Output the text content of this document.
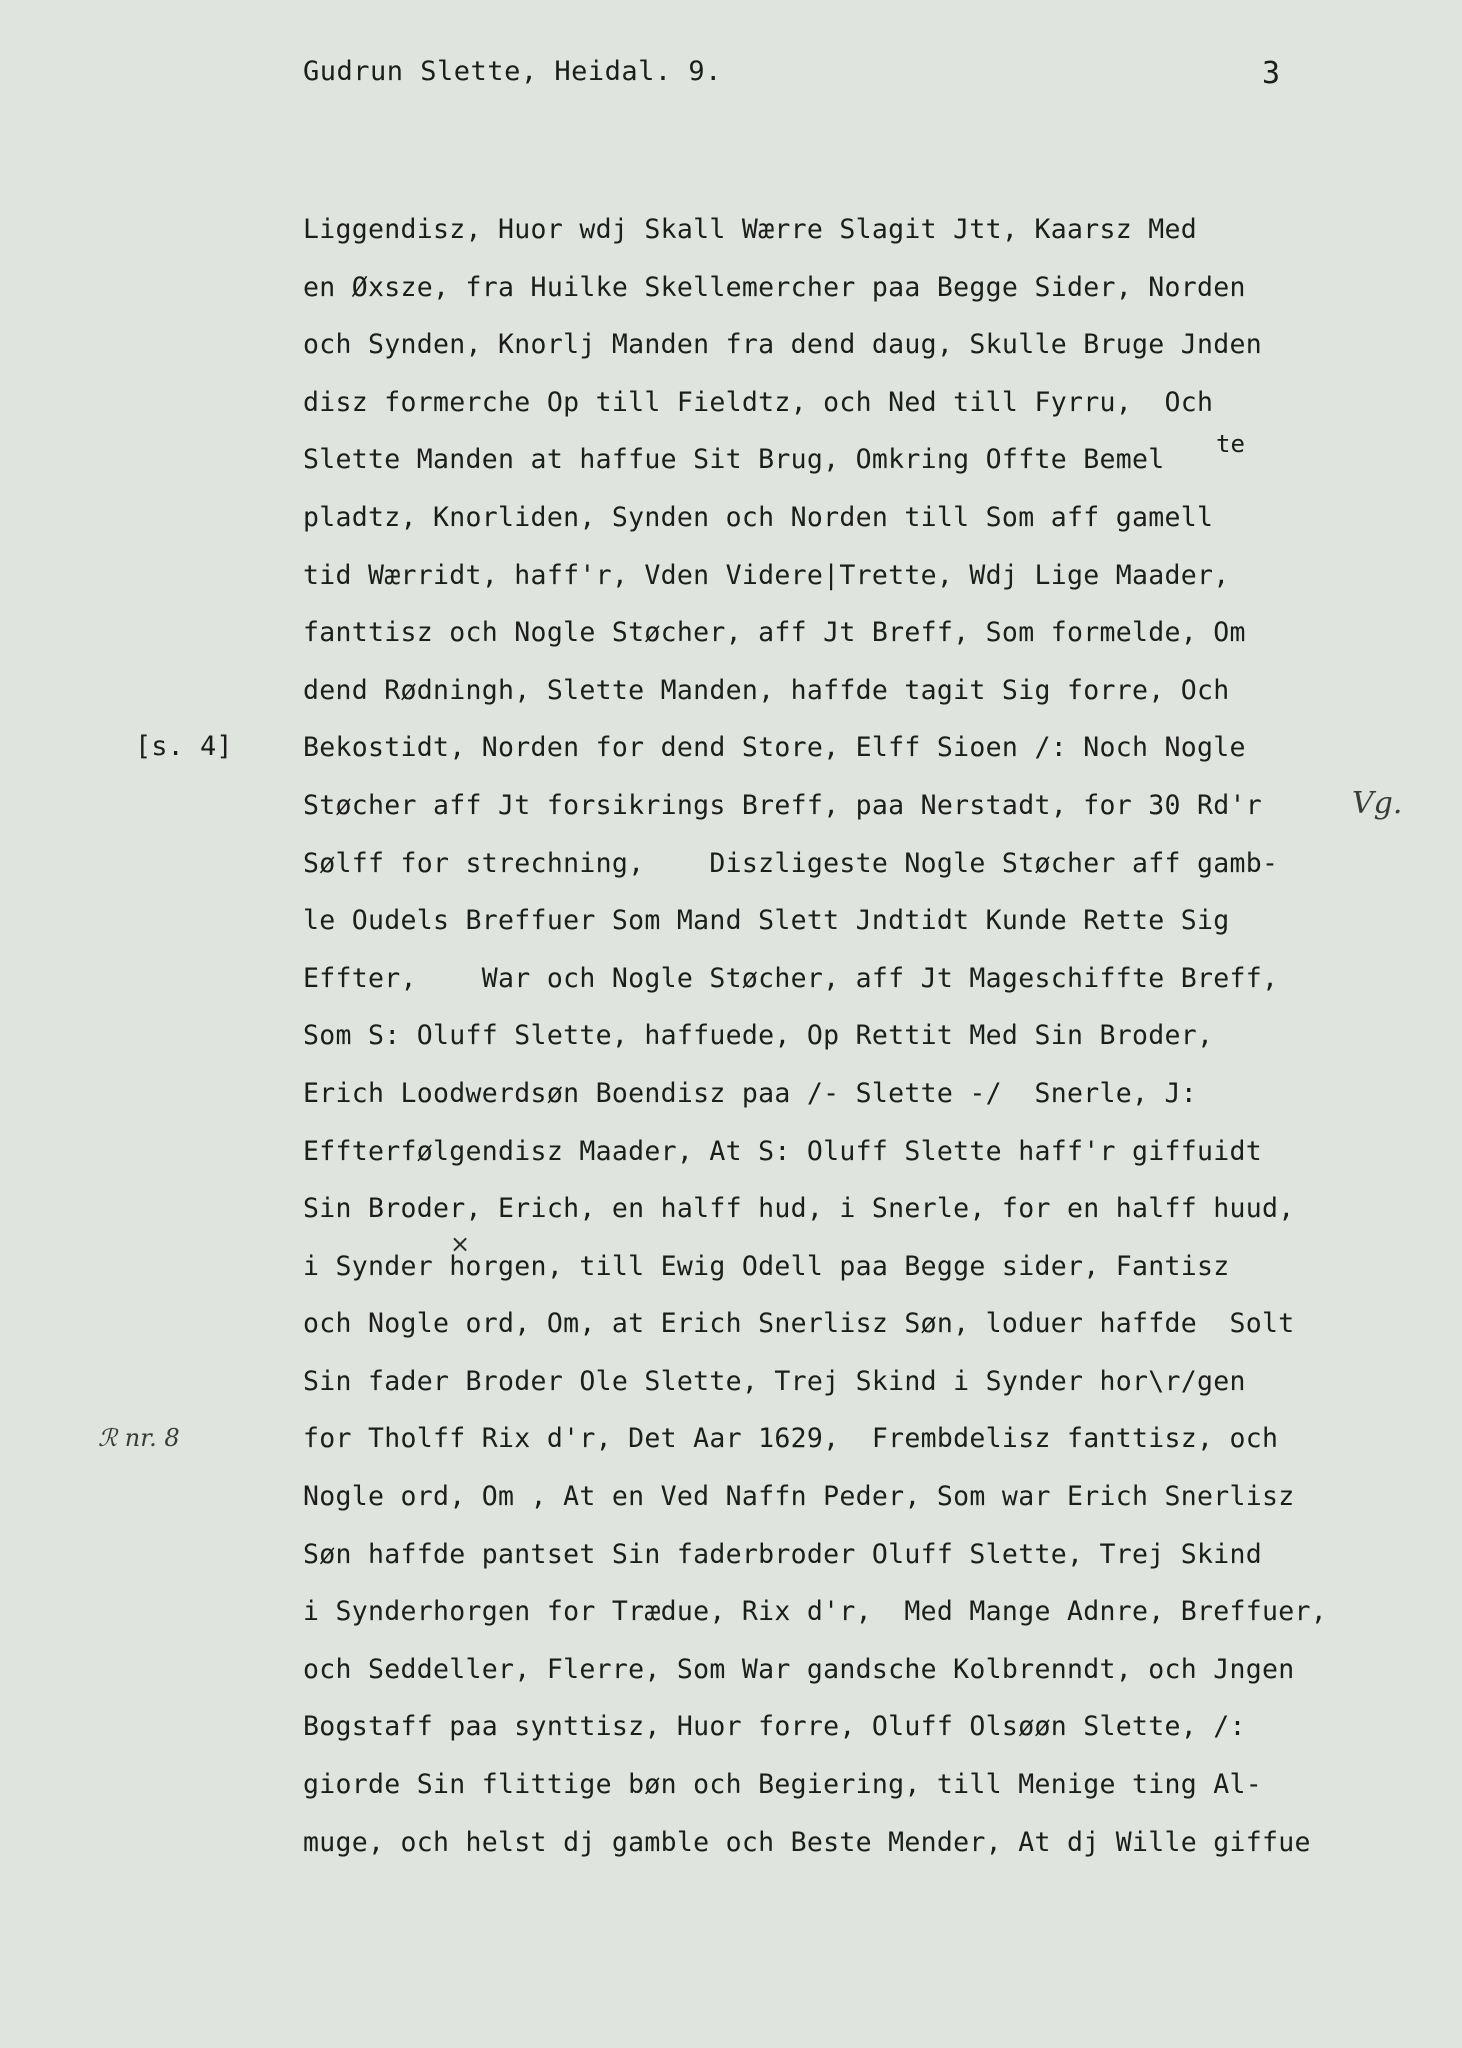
Gudrun Slette, Heidal. 9.	3
Liggendisz, Huor wdj Skall Wærre Slagit Jtt, Kaarsz Med
en Øxsze, fra Huilke Skellemercher paa Begge Sider, Norden
och Synden, Knorlj Manden fra dend daug, Skulle Bruge Jnden
disz formerche Op till Fieldtz, och Ned till Fyrru,  Och
Slette Manden at haffue Sit Brug, Omkring Offte Bemel
pladtz, Knorliden, Synden och Norden till Som aff gamell
tid Wærridt, haff'r, Vden Videre|Trette, Wdj Lige Maader,
fanttisz och Nogle Støcher, aff Jt Breff, Som formelde, Om
dend Rødningh, Slette Manden, haffde tagit Sig forre, Och
Bekostidt, Norden for dend Store, Elff Sioen /: Noch Nogle
Støcher aff Jt forsikrings Breff, paa Nerstadt, for 30 Rd'r
Sølff for strechning,    Diszligeste Nogle Støcher aff gamb-
le Oudels Breffuer Som Mand Slett Jndtidt Kunde Rette Sig
Effter,    War och Nogle Støcher, aff Jt Mageschiffte Breff,
Som S: Oluff Slette, haffuede, Op Rettit Med Sin Broder,
Erich Loodwerdsøn Boendisz paa /- Slette -/  Snerle, J:
Effterfølgendisz Maader, At S: Oluff Slette haff'r giffuidt
Sin Broder, Erich, en halff hud, i Snerle, for en halff huud,
i Synder horgen, till Ewig Odell paa Begge sider, Fantisz
och Nogle ord, Om, at Erich Snerlisz Søn, loduer haffde  Solt
Sin fader Broder Ole Slette, Trej Skind i Synder hor\r/gen
for Tholff Rix d'r, Det Aar 1629,  Frembdelisz fanttisz, och
Nogle ord, Om , At en Ved Naffn Peder, Som war Erich Snerlisz
Søn haffde pantset Sin faderbroder Oluff Slette, Trej Skind
i Synderhorgen for Trædue, Rix d'r,  Med Mange Adnre, Breffuer,
och Seddeller, Flerre, Som War gandsche Kolbrenndt, och Jngen
Bogstaff paa synttisz, Huor forre, Oluff Olsøøn Slette, /:
giorde Sin flittige bøn och Begiering, till Menige ting Al-
muge, och helst dj gamble och Beste Mender, At dj Wille giffue
te
×
[s. 4]
Vg.
ℛ nr. 8
